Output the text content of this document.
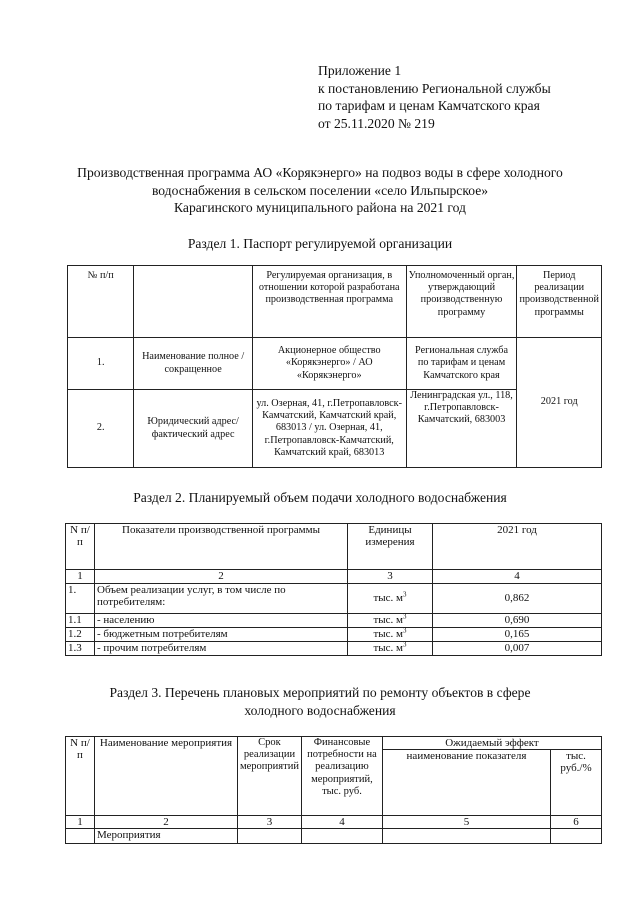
Приложение 1
к постановлению Региональной службы
по тарифам и ценам Камчатского края
от 25.11.2020 № 219
Производственная программа АО «Корякэнерго» на подвоз воды в сфере холодного
водоснабжения в сельском поселении «село Ильпырское»
Карагинского муниципального района на 2021 год
Раздел 1. Паспорт регулируемой организации
№ п/п		Регулируемая организация, в отношении которой разработана производственная программа	Уполномоченный орган, утверждающий производственную программу	Период реализации производственной программы
1.	Наименование полное / сокращенное	Акционерное общество «Корякэнерго» / АО «Корякэнерго»	Региональная служба по тарифам и ценам Камчатского края	2021 год
2.	Юридический адрес/фактический адрес	ул. Озерная, 41, г.Петропавловск-Камчатский, Камчатский край, 683013 / ул. Озерная, 41, г.Петропавловск-Камчатский, Камчатский край, 683013	Ленинградская ул., 118, г.Петропавловск-Камчатский, 683003	
Раздел 2. Планируемый объем подачи холодного водоснабжения
N п/п	Показатели производственной программы	Единицы измерения	2021 год
1	2	3	4
1.	Объем реализации услуг, в том числе по потребителям:	тыс. $м^3$	0,862
1.1	- населению	тыс. $м^3$	0,690
1.2	- бюджетным потребителям	тыс. $м^3$	0,165
1.3	- прочим потребителям	тыс. $м^3$	0,007
Раздел 3. Перечень плановых мероприятий по ремонту объектов в сфере
холодного водоснабжения
N п/п	Наименование мероприятия	Срок реализации мероприятий	Финансовые потребности на реализацию мероприятий, тыс. руб.	Ожидаемый эффект	
				наименование показателя	тыс. руб./%
1	2	3	4	5	6
	Мероприятия				
